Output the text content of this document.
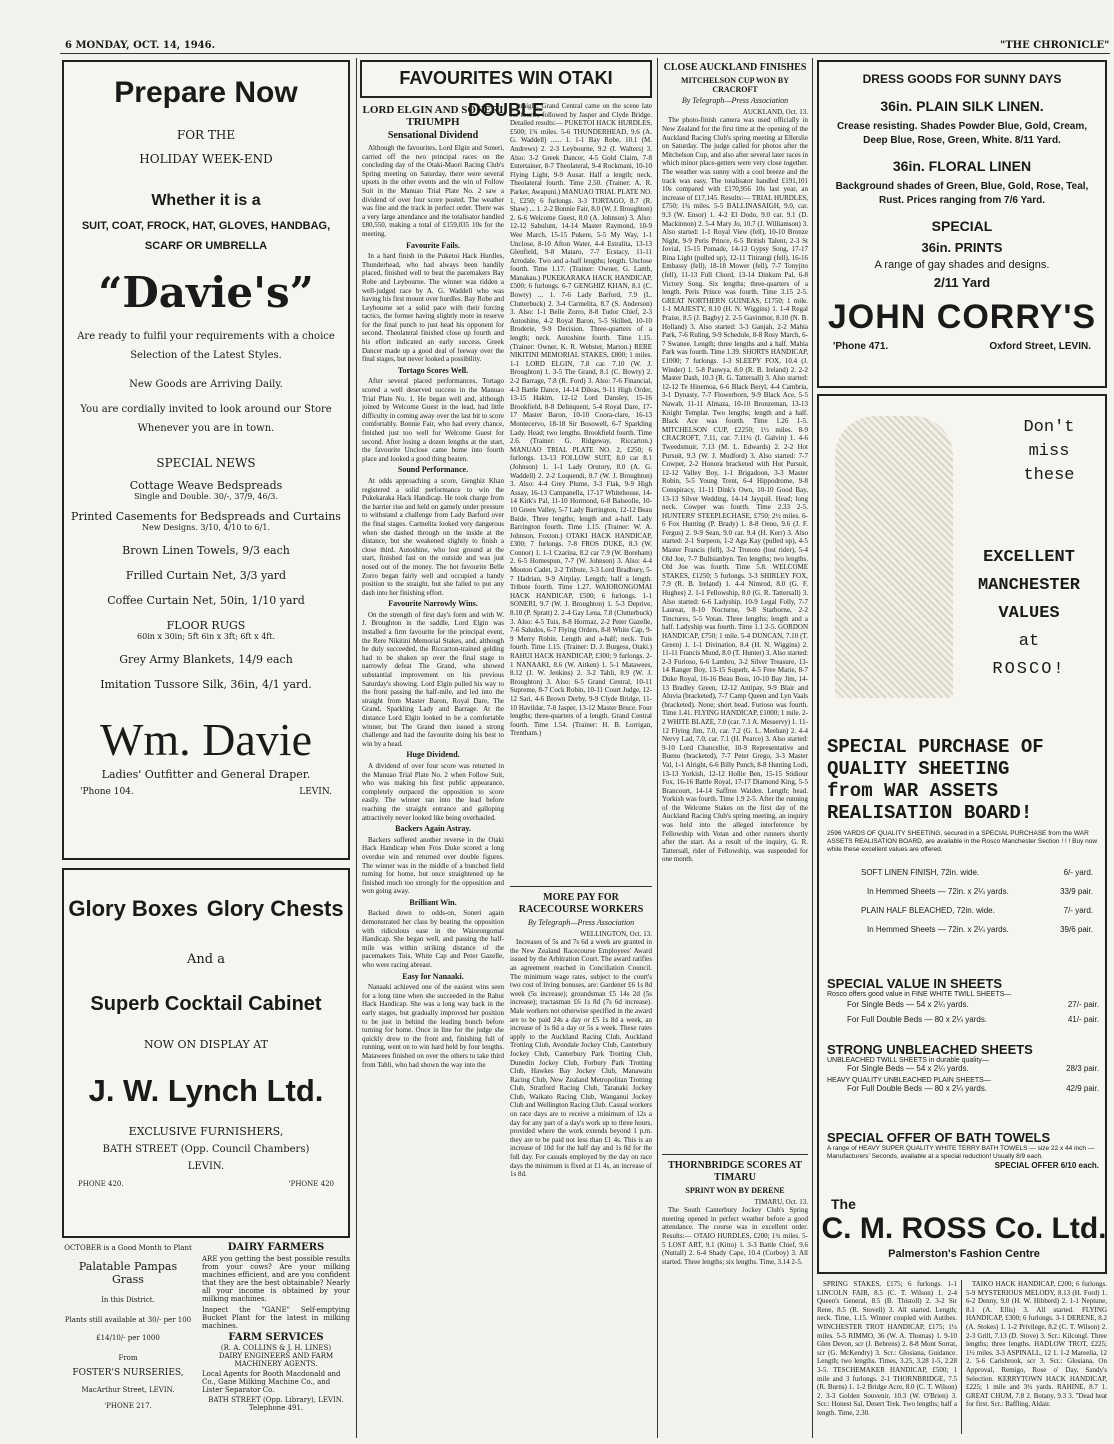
6 MONDAY, OCT. 14, 1946.	"THE CHRONICLE"
Prepare Now
FOR THE
HOLIDAY WEEK-END
Whether it is a
SUIT, COAT, FROCK, HAT, GLOVES, HANDBAG,
SCARF OR UMBRELLA
“Davie's”
Are ready to fulfil your requirements with a choice
Selection of the Latest Styles.
New Goods are Arriving Daily.
You are cordially invited to look around our Store
Whenever you are in town.
SPECIAL NEWS
Cottage Weave Bedspreads
Single and Double. 30/-, 37/9, 46/3.
Printed Casements for Bedspreads and Curtains
New Designs. 3/10, 4/10 to 6/1.
Brown Linen Towels, 9/3 each
Frilled Curtain Net, 3/3 yard
Coffee Curtain Net, 50in, 1/10 yard
FLOOR RUGS
60in x 30in; 5ft 6in x 3ft; 6ft x 4ft.
Grey Army Blankets, 14/9 each
Imitation Tussore Silk, 36in, 4/1 yard.
Wm. Davie
Ladies' Outfitter and General Draper.
'Phone 104.	LEVIN.
Glory Boxes Glory Chests
And a
Superb Cocktail Cabinet
NOW ON DISPLAY AT
J. W. Lynch Ltd.
EXCLUSIVE FURNISHERS,
BATH STREET (Opp. Council Chambers)
LEVIN.
PHONE 420.	'PHONE 420
OCTOBER is a Good Month to Plant
Palatable Pampas Grass
In this District.
Plants still available at 30/- per 100
£14/10/- per 1000
From
FOSTER'S NURSERIES,
MacArthur Street, LEVIN.
'PHONE 217.
DAIRY FARMERS
ARE you getting the best possible results from your cows? Are your milking machines efficient, and are you confident that they are the best obtainable? Nearly all your income is obtained by your milking machines.
Inspect the "GANE" Self-emptying Bucket Plant for the latest in milking machines.
FARM SERVICES
(R. A. COLLINS & J. H. LINES)
DAIRY ENGINEERS AND FARM MACHINERY AGENTS.
Local Agents for Booth Macdonald and Co., Gane Milking Machine Co., and Lister Separator Co.
BATH STREET (Opp. Library), LEVIN. Telephone 491.
FAVOURITES WIN OTAKI DOUBLE
LORD ELGIN AND SONERI TRIUMPH
Sensational Dividend

Although the favourites, Lord Elgin and Soneri, carried off the two principal races on the concluding day of the Otaki-Maori Racing Club's Spring meeting on Saturday, there were several upsets in the other events and the win of Follow Suit in the Manuao Trial Plate No. 2 saw a dividend of over four score posted. The weather was fine and the track in perfect order. There was a very large attendance and the totalisator handled £80,550, making a total of £159,035 10s for the meeting.

Favourite Fails.

In a hard finish in the Puketoi Hack Hurdles, Thunderhead, who had always been handily placed, finished well to beat the pacemakers Bay Robe and Leybourne. The winner was ridden a well-judged race by A. G. Waddell who was having his first mount over hurdles. Bay Robe and Leybourne set a solid pace with their forcing tactics, the former having slightly more in reserve for the final punch to just head his opponent for second. Theolateral finished close up fourth and his effort indicated an early success. Greek Dancer made up a good deal of leeway over the final stages, but never looked a possibility.

Tortago Scores Well.

After several placed performances, Tortago scored a well deserved success in the Manuao Trial Plate No. 1. He began well and, although joined by Welcome Guest in the lead, had little difficulty in coming away over the last bit to score comfortably. Bonnie Fair, who had every chance, finished just too well for Welcome Guest for second. After losing a dozen lengths at the start, the favourite Unclose came home into fourth place and looked a good thing beaten.

Sound Performance.

At odds approaching a score, Genghiz Khan registered a solid performance to win the Pukekaraka Hack Handicap. He took charge from the barrier rise and held on gamely under pressure to withstand a challenge from Lady Barford over the final stages. Carmelita looked very dangerous when she dashed through on the inside at the distance, but she weakened slightly to finish a close third. Autoshine, who lost ground at the start, finished fast on the outside and was just nosed out of the money. The hot favourite Belle Zorro began fairly well and occupied a handy position to the straight, but she failed to put any dash into her finishing effort.

Favourite Narrowly Wins.

On the strength of first day's form and with W. J. Broughton in the saddle, Lord Elgin was installed a firm favourite for the principal event, the Rere Nikitini Memorial Stakes, and, although he duly succeeded, the Riccarton-trained gelding had to be shaken up over the final stage to narrowly defeat The Grand, who showed substantial improvement on his previous Saturday's showing. Lord Elgin pulled his way to the front passing the half-mile, and led into the straight from Master Baron, Royal Dare, The Grand, Sparkling Lady and Barrage. At the distance Lord Elgin looked to be a comfortable winner, but The Grand then issued a strong challenge and had the favourite doing his best to win by a head.

Huge Dividend.

A dividend of over four score was returned in the Manuao Trial Plate No. 2 when Follow Suit, who was making his first public appearance, completely outpaced the opposition to score easily. The winner ran into the lead before reaching the straight entrance and galloping attractively never looked like being overhauled.

Backers Again Astray.

Backers suffered another reverse in the Otaki Hack Handicap when Fros Duke scored a long overdue win and returned over double figures. The winner was in the middle of a bunched field turning for home, but once straightened up he finished much too strongly for the opposition and won going away.

Brilliant Win.

Backed down to odds-on, Soneri again demonstrated her class by beating the opposition with ridiculous ease in the Waiorongomai Handicap. She began well, and passing the half-mile was within striking distance of the pacemakers Tuis, White Cap and Peter Gazelle, who were racing abreast.

Easy for Nanaaki.

Nanaaki achieved one of the easiest wins seen for a long time when she succeeded in the Rahui Hack Handicap. She was a long way back in the early stages, but gradually improved her position to be just in behind the leading bunch before turning for home. Once in line for the judge she quickly drew to the front and, finishing full of running, went on to win hard held by four lengths. Matawees finished on over the others to take third from Tahli, who had shown the way into the

straight. Grand Central came on the scene late for fourth, followed by Jasper and Clyde Bridge. Detailed results:— PUKETOI HACK HURDLES, £500; 1¾ miles. 5-6 THUNDERHEAD, 9.6 (A. G. Waddell) ...... 1. 1-1 Bay Robe, 10.1 (M. Andrews) 2. 2-3 Leybourne, 9.2 (I. Walters) 3. Also: 3-2 Greek Dancer, 4-5 Gold Claim, 7-8 Entertainer, 8-7 Theolateral, 9-4 Rockmani, 10-10 Flying Light, 9-9 Ausar. Half a length; neck. Theolateral fourth. Time 2.50. (Trainer: A. R. Parker, Awapuni.) MANUAO TRIAL PLATE NO. 1, £250; 6 furlongs. 3-3 TORTAGO, 8.7 (R. Shaw) ... 1. 2-2 Bonnie Fair, 8.0 (W. J. Broughton) 2. 6-6 Welcome Guest, 8.0 (A. Johnson) 3. Also: 12-12 Sabulum, 14-14 Master Raymond, 10-9 Wee March, 15-15 Pukere, 5-5 My Way, 1-1 Unclose, 8-10 Afton Water, 4-4 Estralita, 13-13 Glenfield, 9-8 Mataro, 7-7 Ecstacy, 11-11 Arrodale. Two and a-half lengths; length. Unclose fourth. Time 1.17. (Trainer: Owner, G. Lamb, Manakau.) PUKEKARAKA HACK HANDICAP, £500; 6 furlongs. 6-7 GENGHIZ KHAN, 8.1 (C. Bowry) ... 1. 7-6 Lady Barford, 7.9 (L. Clutterbuck) 2. 3-4 Carmelita, 8.7 (S. Anderson) 3. Also: 1-1 Belle Zorro, 8-8 Tudor Chief, 2-3 Autoshine, 4-2 Royal Baron, 5-5 Skilled, 10-10 Broderie, 9-9 Decision. Three-quarters of a length; neck. Autoshine fourth. Time 1.15. (Trainer: Owner, K. R. Webster, Marton.) RERE NIKITINI MEMORIAL STAKES, £800; 1 miles. 1-1 LORD ELGIN, 7.8 car. 7.10 (W. J. Broughton) 1. 3-5 The Grand, 8.1 (C. Bowry) 2. 2-2 Barrage, 7.8 (R. Ford) 3. Also: 7-6 Financial, 4-3 Battle Dance, 14-14 Dileas, 9-11 High Order, 13-15 Hakim, 12-12 Lord Dansley, 15-16 Brookfield, 8-8 Delinquent, 5-4 Royal Dare, 17-17 Master Baron, 10-10 Coora-clare, 16-13 Montecervo, 18-18 Sir Bosowell, 6-7 Sparkling Lady. Head; two lengths. Brookfield fourth. Time 2.6. (Trainer: G. Ridgeway, Riccarton.) MANUAO TRIAL PLATE NO. 2, £250; 6 furlongs. 13-13 FOLLOW SUIT, 8.0 car 8.1 (Johnson) 1. 1-1 Lady Orutory, 8.0 (A. G. Waddell) 2. 2-2 Loquendi, 8.7 (W. J. Broughton) 3. Also: 4-4 Grey Plume, 3-3 Flak, 9-9 High Assay, 16-13 Campanella, 17-17 Whitehouse, 14-14 Kirk's Pal, 11-10 Hormond, 6-8 Balseolle, 10-10 Green Valley, 5-7 Lady Barrington, 12-12 Beau Baide. Three lengths; length and a-half. Lady Barrington fourth. Time 1.15. (Trainer: W. A. Johnson, Foxton.) OTAKI HACK HANDICAP, £300; 7 furlongs. 7-8 FROS DUKE, 8.3 (W. Connor) 1. 1-1 Czarina, 8.2 car 7.9 (W. Boreham) 2. 6-5 Homespun, 7-7 (W. Johnson) 3. Also: 4-4 Mouton Cadet, 2-2 Tribute, 3-3 Lord Bradbury, 5-7 Hadrian, 9-9 Airplay. Length; half a length. Tribute fourth. Time 1.27. WAIORONGOMAI HACK HANDICAP, £500; 6 furlongs. 1-1 SONERI, 9.7 (W. J. Broughton) 1. 5-3 Deprive, 8.10 (P. Spratt) 2. 2-4 Gay Lena, 7.8 (Clutterbuck) 3. Also: 4-5 Tuis, 8-8 Hormaz, 2-2 Peter Gazelle, 7-6 Saludos, 6-7 Flying Orders, 8-8 White Cap, 9-9 Merry Robin. Length and a-half; neck. Tuis fourth. Time 1.15. (Trainer: D. J. Burgess, Otaki.) RAHUI HACK HANDICAP, £300; 9 furlongs. 2-1 NANAAKI, 8.6 (W. Aitken) 1. 5-1 Matawees, 8.12 (J. W. Jenkins) 2. 3-2 Tahli, 8.9 (W. J. Broughton) 3. Also: 6-5 Grand Central, 10-11 Supreme, 8-7 Cock Robin, 10-11 Court Judge, 12-12 Sari, 4-6 Brown Derby, 9-9 Clyde Bridge, 11-10 Havildar, 7-8 Jasper, 13-12 Master Bruce. Four lengths; three-quarters of a length. Grand Central fourth. Time 1.54. (Trainer: H. B. Lorrigan, Trentham.)

MORE PAY FOR RACECOURSE WORKERS
By Telegraph—Press Association
WELLINGTON, Oct. 13.

Increases of 5s and 7s 6d a week are granted in the New Zealand Racecourse Employees' Award issued by the Arbitration Court. The award ratifies an agreement reached in Conciliation Council. The minimum wage rates, subject to the court's two cost of living bonuses, are: Gardener £6 1s 8d week (5s increase); groundsman £5 14s 2d (5s increase); tractasman £6 1s 8d (7s 6d increase). Male workers not otherwise specified in the award are to be paid 24s a day or £5 1s 8d a week, an increase of 1s 8d a day or 5s a week. These rates apply to the Auckland Racing Club, Auckland Trotting Club, Avondale Jockey Club, Canterbury Jockey Club, Canterbury Park Trotting Club, Dunedin Jockey Club, Forbury Park Trotting Club, Hawkes Bay Jockey Club, Manawatu Racing Club, New Zealand Metropolitan Trotting Club, Stratford Racing Club, Taranaki Jockey Club, Waikato Racing Club, Wanganui Jockey Club and Wellington Racing Club. Casual workers on race days are to receive a minimum of 12s a day for any part of a day's work up to three hours, provided where the work extends beyond 1 p.m. they are to be paid not less than £1 4s. This is an increase of 10d for the half day and 1s 8d for the full day. For casuals employed by the day on race days the minimum is fixed at £1 4s, an increase of 1s 8d.

CLOSE AUCKLAND FINISHES
MITCHELSON CUP WON BY CRACROFT
By Telegraph—Press Association
AUCKLAND, Oct. 13.

The photo-finish camera was used officially in New Zealand for the first time at the opening of the Auckland Racing Club's spring meeting at Ellerslie on Saturday. The judge called for photos after the Mitchelson Cup, and also after several later races in which minor place-getters were very close together. The weather was sunny with a cool breeze and the track was easy. The totalisator handled £191,101 10s compared with £170,956 10s last year, an increase of £17,145. Results:— TRIAL HURDLES, £750; 1¾ miles. 5-5 BALLINASAIGH, 9.0, car. 9.3 (W. Ensor) 1. 4-2 El Dodo, 9.0 car. 9.1 (D. Mackinnon) 2. 5-4 Mary Jo, 10.7 (J. Williamson) 3. Also started: 1-1 Royal View (fell), 10-10 Bronze Night, 9-9 Peris Prince, 6-5 British Talent, 2-3 St Jovial, 15-15 Pomade, 14-13 Gypsy Song, 17-17 Rina Light (pulled up), 12-11 Titirangi (fell), 16-16 Embassy (fell), 18-18 Mower (fell), 7-7 Tonyjito (fell), 11-13 Full Chord, 13-14 Dinkum Pal, 6-8 Victory Song. Six lengths; three-quarters of a length. Peris Prince was fourth. Time 3.15 2-5. GREAT NORTHERN GUINEAS, £1750; 1 mile. 1-1 MAJESTY, 8.10 (H. N. Wiggins) 1. 1-4 Regal Praise, 8.5 (J. Bagby) 2. 2-5 Gavinmor, 8.10 (N. B. Holland) 3. Also started: 3-3 Ganjah, 2-2 Mahia Park, 7-6 Ruling, 9-9 Schedule, 8-8 Rosy March, 6-7 Swanee. Length; three lengths and a half. Mahia Park was fourth. Time 1.39. SHORTS HANDICAP, £1000; 7 furlongs. 1-3 SLEEPY FOX, 10.4 (J. Winder) 1. 5-8 Pauwya, 8.0 (R. B. Ireland) 2. 2-2 Master Dash, 10.3 (R. G. Tattersall) 3. Also started: 12-12 Te Hinemoa, 6-6 Black Beryl, 4-4 Cambria, 3-1 Dynasty, 7-7 Flowerborn, 9-9 Black Ace, 5-5 Nawab, 11-11 Almaza, 10-10 Bronzeman, 13-13 Knight Templar. Two lengths; length and a half. Black Ace was fourth. Time 1.26 1-5. MITCHELSON CUP, £2250; 1½ miles. 8-9 CRACROFT, 7.11, car. 7.11½ (I. Galvin) 1. 4-6 Tweedsmuir, 7.13 (M. L. Edwards) 2. 2-2 Hot Pursuit, 9.3 (W. J. Mudford) 3. Also started: 7-7 Cowper, 2-2 Honora bracketed with Hot Pursuit, 12-12 Valley Boy, 1-1 Brigadoon, 3-3 Master Robin, 5-5 Young Trent, 6-4 Hippodrome, 9-8 Conspiracy, 11-11 Dink's Own, 10-10 Good Bay, 13-13 Silver Wedding, 14-14 Jayquil. Head; long neck. Cowper was fourth. Time 2.33 2-5. HUNTERS' STEEPLECHASE, £750; 2½ miles. 6-6 Fox Hunting (P. Brady) 1. 8-8 Oeno, 9.6 (J. F. Fergus) 2. 9-9 Sean, 9.0 car. 9.4 (H. Kerr) 3. Also started: 2-1 Surpeon, 1-2 Aga Kay (pulled up), 4-5 Master Francis (fell), 3-2 Tronoto (lost rider), 5-4 Old Joe, 7-7 Bullsianbyn. Ten lengths; two lengths. Old Joe was fourth. Time 5.8. WELCOME STAKES, £1250; 5 furlongs. 3-3 SHIRLEY FOX, 7.9 (R. B. Ireland) 1. 4-4 Nimrod, 8.0 (G. F. Hughes) 2. 1-1 Fellowship, 8.0 (G. R. Tattersall) 3. Also started: 6-6 Ladyship, 10-9 Legal Folly, 7-7 Laureat, 8-10 Nocturne, 9-8 Starborne, 2-2 Tinctures, 5-5 Votan. Three lengths; length and a half. Ladyship was fourth. Time 1.1 2-5. GORDON HANDICAP, £750; 1 mile. 5-4 DUNCAN, 7.10 (T. Green) 1. 1-1 Divination, 8.4 (H. N. Wiggins) 2. 11-11 Francis Mund, 8.0 (T. Hunter) 3. Also started: 2-3 Furioso, 6-6 Lambro, 3-2 Silver Treasure, 13-14 Ranger Boy, 13-15 Superb, 4-5 Free Marie, 8-7 Duke Royal, 16-16 Beau Boss, 10-10 Bay Jim, 14-13 Bradley Green, 12-12 Antipay, 9-9 Blair and Aluvia (bracketed), 7-7 Camp Queen and Lyn Vaals (bracketed). None; short head. Furioso was fourth. Time 1.41. FLYING HANDICAP, £1000; 1 mile. 2-2 WHITE BLAZE, 7.0 (car. 7.1 A. Messervy) 1. 11-12 Flying Jim, 7.0, car. 7.2 (G. L. Meehan) 2. 4-4 Nervy Lad, 7.0, car. 7.1 (H. Pearce) 3. Also started: 9-10 Lord Chancellor, 10-9 Representative and Bueno (bracketed), 7-7 Peter Grego, 3-3 Master Val, 1-1 Alright, 6-6 Billy Punch, 8-8 Hunting Lodi, 13-13 Yorkish, 12-12 Hollie Ben, 15-15 Stidiour Fox, 16-16 Battle Royal, 17-17 Diamond King, 5-5 Brancourt, 14-14 Saffron Walden. Length; head. Yorkish was fourth. Time 1.9 2-5. After the running of the Welcome Stakes on the first day of the Auckland Racing Club's spring meeting, an inquiry was held into the alleged interference by Fellowship with Votan and other runners shortly after the start. As a result of the inquiry, G. R. Tattersall, rider of Fellowship, was suspended for one month.

THORNBRIDGE SCORES AT TIMARU
SPRINT WON BY DERENE
TIMARU, Oct. 13.

The South Canterbury Jockey Club's Spring meeting opened in perfect weather before a good attendance. The course was in excellent order. Results:— OTAIO HURDLES, £200; 1¾ miles. 5-5 LOST ART, 9.1 (Kitto) 1. 3-3 Battle Chief, 9.6 (Nuttall) 2. 6-4 Shady Cape, 10.4 (Corboy) 3. All started. Three lengths; six lengths. Time, 3.14 2-5.

DRESS GOODS FOR SUNNY DAYS
36in. PLAIN SILK LINEN.
Crease resisting. Shades Powder Blue, Gold, Cream, Deep Blue, Rose, Green, White. 8/11 Yard.
36in. FLORAL LINEN
Background shades of Green, Blue, Gold, Rose, Teal, Rust. Prices ranging from 7/6 Yard.
SPECIAL
36in. PRINTS
A range of gay shades and designs.
2/11 Yard
JOHN CORRY'S
'Phone 471.	Oxford Street, LEVIN.
Don't
miss
these
EXCELLENT
MANCHESTER
VALUES
at
ROSCO!
SPECIAL PURCHASE OF
QUALITY SHEETING
from WAR ASSETS
REALISATION BOARD!
2596 YARDS OF QUALITY SHEETING, secured in a SPECIAL PURCHASE from the WAR ASSETS REALISATION BOARD, are available in the Rosco Manchester Section ! ! ! Buy now while these excellent values are offered.
SOFT LINEN FINISH, 72in. wide.	6/- yard.
In Hemmed Sheets — 72in. x 2¼ yards.	33/9 pair.
PLAIN HALF BLEACHED, 72in. wide.	7/- yard.
In Hemmed Sheets — 72in. x 2¼ yards.	39/6 pair.
SPECIAL VALUE IN SHEETS
Rosco offers good value in FINE WHITE TWILL SHEETS—
For Single Beds — 54 x 2¼ yards.	27/- pair.
For Full Double Beds — 80 x 2¼ yards.	41/- pair.
STRONG UNBLEACHED SHEETS
UNBLEACHED TWILL SHEETS in durable quality—
For Single Beds — 54 x 2¼ yards.	28/3 pair.
HEAVY QUALITY UNBLEACHED PLAIN SHEETS—
For Full Double Beds — 80 x 2¼ yards.	42/9 pair.
SPECIAL OFFER OF BATH TOWELS
A range of HEAVY SUPER QUALITY WHITE TERRY BATH TOWELS — size 22 x 44 inch — Manufacturers' Seconds, available at a special reduction! Usually 8/9 each.
SPECIAL OFFER 6/10 each.
The
C. M. ROSS Co. Ltd.
Palmerston's Fashion Centre

SPRING STAKES, £175; 6 furlongs. 1-1 LINCOLN FAIR, 8.5 (C. T. Wilson) 1. 2-4 Queen's General, 8.5 (B. Thistoll) 2. 3-2 Sir Rene, 8.5 (R. Stovell) 3. All started. Length; neck. Time, 1.15. Winner coupled with Autibes. WINCHESTER TROT HANDICAP, £175; 1¼ miles. 5-5 RIMMO, 36 (W. A. Thomas) 1. 9-10 Glen Devon, scr (J. Behrens) 2. 8-8 Mont Sorrat, scr (G. McKendry) 3. Scr.: Glosiana, Guidance. Length; two lengths. Times, 3.25, 3.28 1-5, 2.28 3-5. TESCHEMAKER HANDICAP, £500; 1 mile and 3 furlongs. 2-1 THORNBRIDGE, 7.5 (R. Burns) 1. 1-2 Bridge Acre, 8.0 (C. T. Wilson) 2. 3-3 Golden Souvenir, 10.3 (W. O'Brien) 3. Scr.: Honest Sal, Desert Trek. Two lengths; half a length. Time, 2.30.

TAIKO HACK HANDICAP, £200; 6 furlongs. 5-9 MYSTERIOUS MELODY, 8.13 (H. Ford) 1. 6-2 Denny, 9.0 (H. W. Hibberd) 2. 1-1 Neptune, 8.1 (A. Ellis) 3. All started. FLYING HANDICAP, £300; 6 furlongs. 3-1 DERENE, 8.2 (A. Stokes) 1. 1-2 Privilege, 8.2 (C. T. Wilson) 2. 2-3 Grill, 7.13 (D. Stove) 3. Scr.: Kilcongl. Three lengths; three lengths. HADLOW TROT, £225; 1½ miles. 3-3 ASPINALL, 12 1. 1-2 Mareelia, 12 2. 5-6 Carisbrook, scr 3. Scr.: Glosiana, On Approval, Remigo, Rose o' Day, Sandy's Selection. KERRYTOWN HACK HANDICAP, £225; 1 mile and 3½ yards. RAHINE, 8.7 1. GREAT CHUM, 7.8 2. Botany, 9.3 3. "Dead heat for first. Scr.: Baffling, Aldair.
